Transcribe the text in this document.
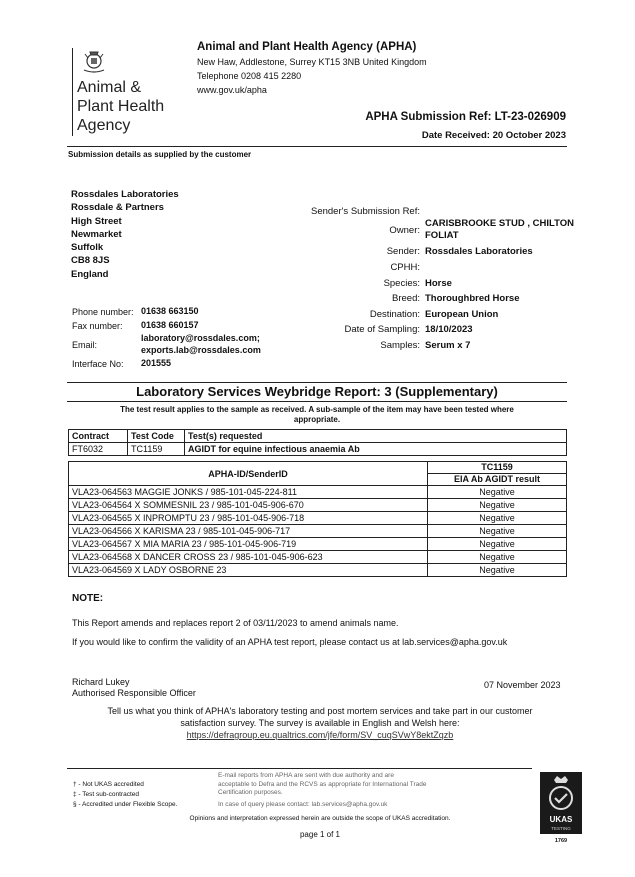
Animal &
Plant Health
Agency
Animal and Plant Health Agency (APHA)
New Haw, Addlestone, Surrey KT15 3NB United Kingdom
Telephone 0208 415 2280
www.gov.uk/apha
APHA Submission Ref: LT-23-026909
Date Received: 20 October 2023
Submission details as supplied by the customer
Rossdales Laboratories
Rossdale & Partners
High Street
Newmarket
Suffolk
CB8 8JS
England
Phone number: 01638 663150
Fax number: 01638 660157
Email:
laboratory@rossdales.com;
exports.lab@rossdales.com
Interface No: 201555
Sender's Submission Ref:
Owner:
CARISBROOKE STUD , CHILTON
FOLIAT
Sender: Rossdales Laboratories
CPHH:
Species: Horse
Breed: Thoroughbred Horse
Destination: European Union
Date of Sampling: 18/10/2023
Samples: Serum x 7
Laboratory Services Weybridge Report: 3 (Supplementary)
The test result applies to the sample as received. A sub-sample of the item may have been tested where
appropriate.
Contract	Test Code	Test(s) requested
FT6032	TC1159	AGIDT for equine infectious anaemia Ab
APHA-ID/SenderID	TC1159
	EIA Ab AGIDT result
VLA23-064563 MAGGIE JONKS / 985-101-045-224-811	Negative
VLA23-064564 X SOMMESNIL 23 / 985-101-045-906-670	Negative
VLA23-064565 X INPROMPTU 23 / 985-101-045-906-718	Negative
VLA23-064566 X KARISMA 23 / 985-101-045-906-717	Negative
VLA23-064567 X MIA MARIA 23 / 985-101-045-906-719	Negative
VLA23-064568 X DANCER CROSS 23 / 985-101-045-906-623	Negative
VLA23-064569 X LADY OSBORNE 23	Negative
NOTE:
This Report amends and replaces report 2 of 03/11/2023 to amend animals name.
If you would like to confirm the validity of an APHA test report, please contact us at lab.services@apha.gov.uk
Richard Lukey
Authorised Responsible Officer
07 November 2023
Tell us what you think of APHA's laboratory testing and post mortem services and take part in our customer
satisfaction survey. The survey is available in English and Welsh here:
https://defragroup.eu.qualtrics.com/jfe/form/SV_cuqSVwY8ektZqzb
† - Not UKAS accredited
‡ - Test sub-contracted
§ - Accredited under Flexible Scope.
E-mail reports from APHA are sent with due authority and are
acceptable to Defra and the RCVS as appropriate for International Trade
Certification purposes.
In case of query please contact: lab.services@apha.gov.uk
Opinions and interpretation expressed herein are outside the scope of UKAS accreditation.
page 1 of 1
UKAS
TESTING
1769
